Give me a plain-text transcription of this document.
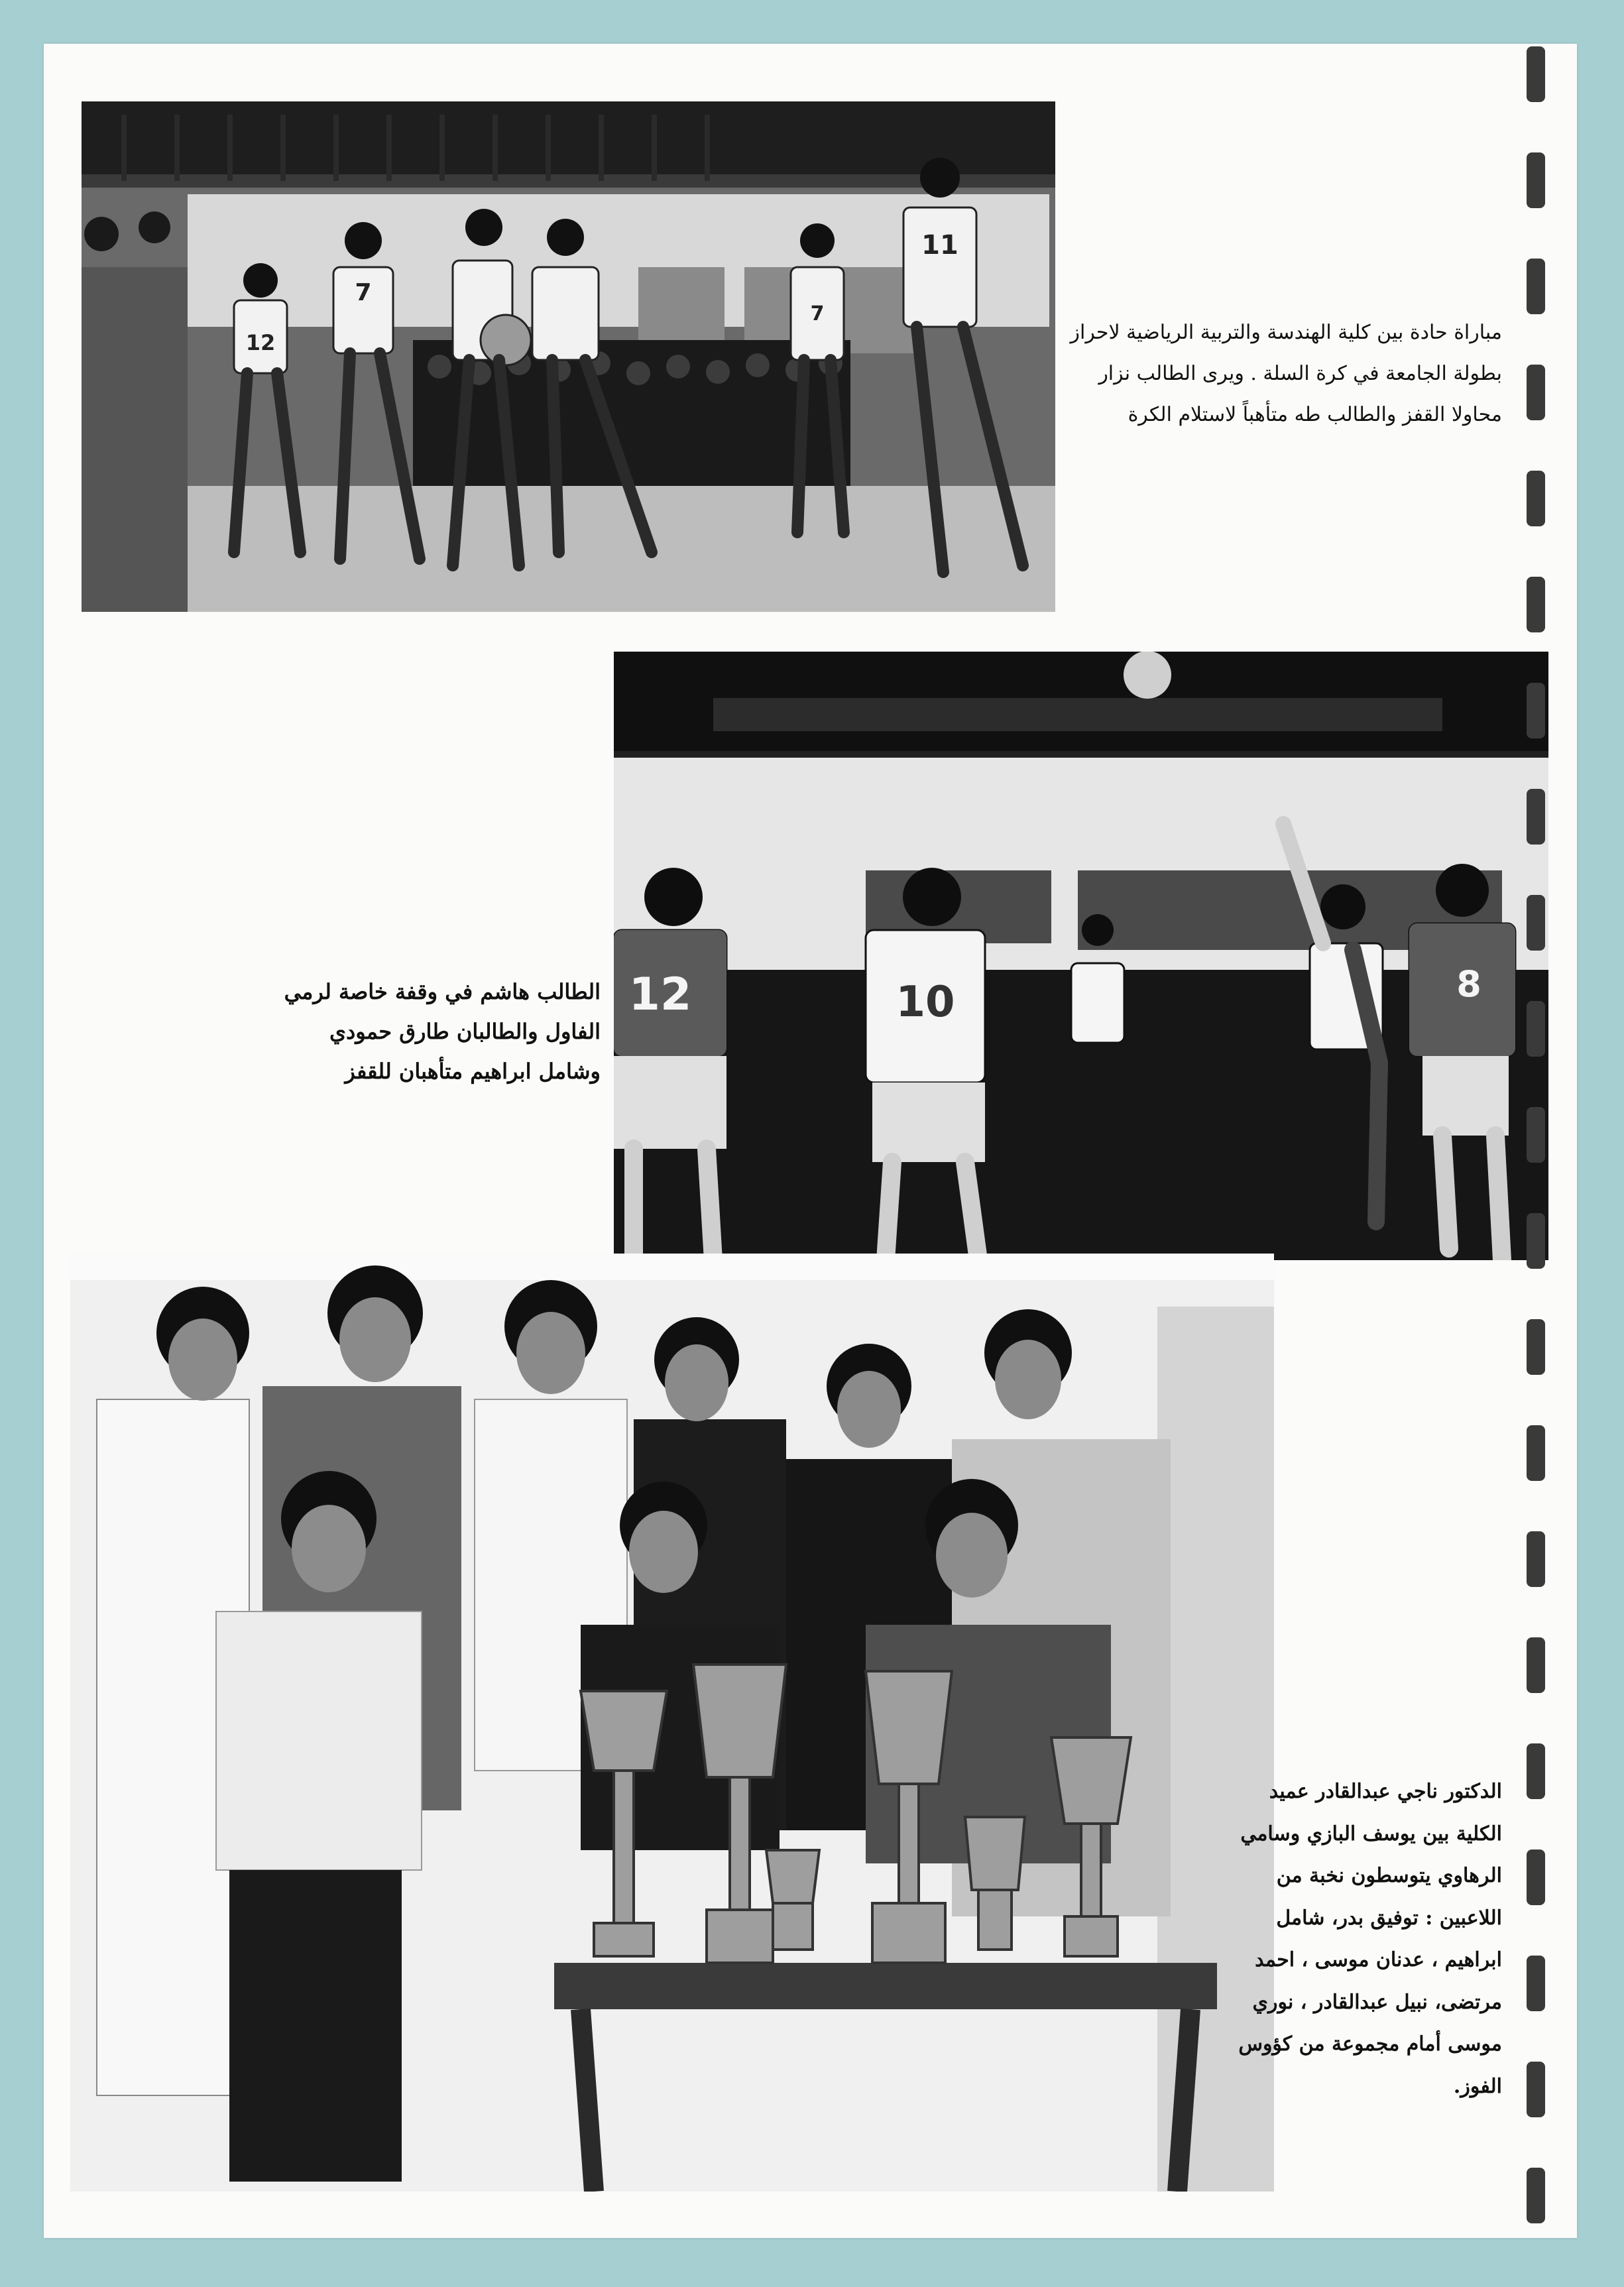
11
12
7
7
مباراة حادة بين كلية الهندسة والتربية الرياضية لاحراز
بطولة الجامعة في كرة السلة . ويرى الطالب نزار
محاولا القفز والطالب طه متأهباً لاستلام الكرة
12	10	8
الطالب هاشم في وقفة خاصة لرمي
الفاول والطالبان طارق حمودي
وشامل ابراهيم متأهبان للقفز
الدكتور ناجي عبدالقادر عميد
الكلية بين يوسف البازي وسامي
الرهاوي يتوسطون نخبة من
اللاعبين : توفيق بدر، شامل
ابراهيم ، عدنان موسى ، احمد
مرتضى، نبيل عبدالقادر ، نوري
موسى أمام مجموعة من كؤوس
الفوز.
